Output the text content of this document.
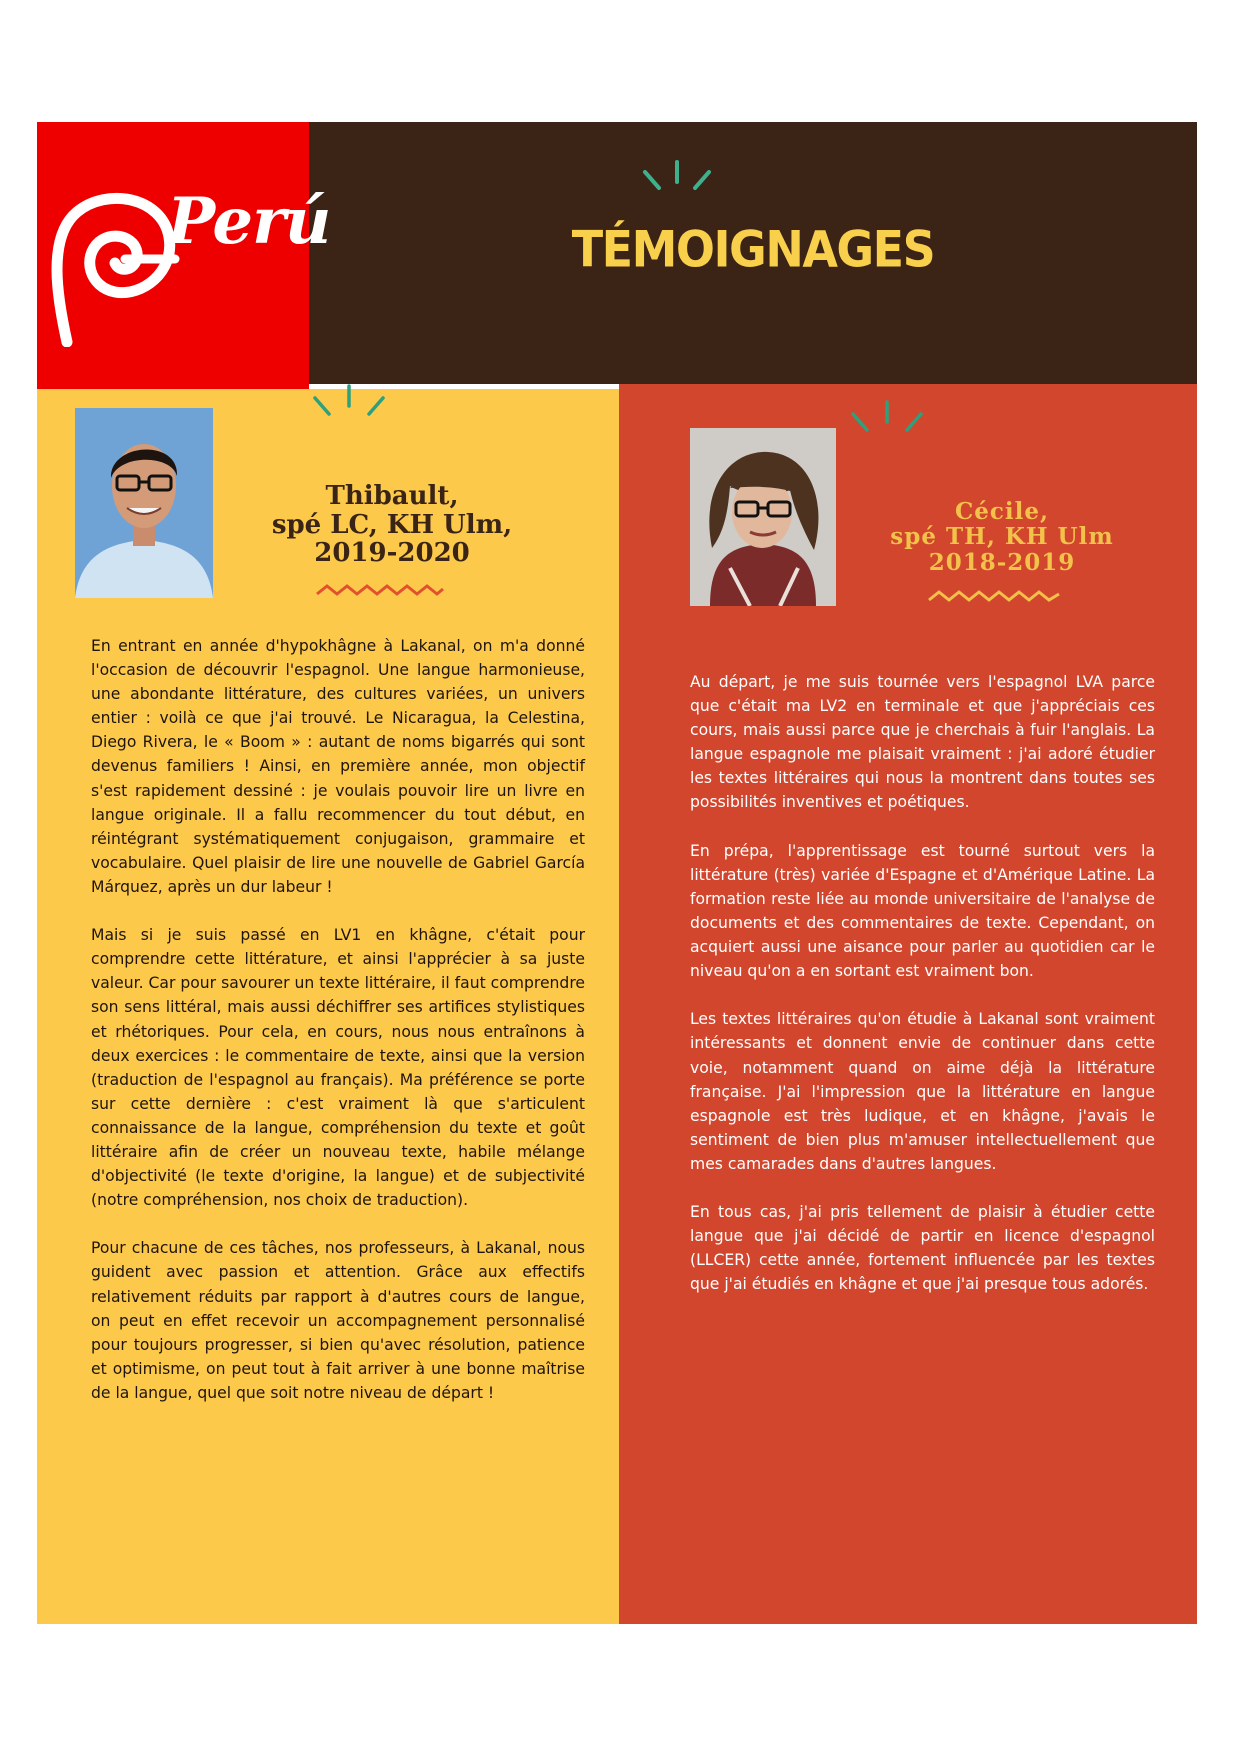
Perú	TÉMOIGNAGES
Thibault,
spé LC, KH Ulm,
2019-2020

En entrant en année d'hypokhâgne à Lakanal, on m'a donné l'occasion de découvrir l'espagnol. Une langue harmonieuse, une abondante littérature, des cultures variées, un univers entier : voilà ce que j'ai trouvé. Le Nicaragua, la Celestina, Diego Rivera, le « Boom » : autant de noms bigarrés qui sont devenus familiers ! Ainsi, en première année, mon objectif s'est rapidement dessiné : je voulais pouvoir lire un livre en langue originale. Il a fallu recommencer du tout début, en réintégrant systématiquement conjugaison, grammaire et vocabulaire. Quel plaisir de lire une nouvelle de Gabriel García Márquez, après un dur labeur !

Mais si je suis passé en LV1 en khâgne, c'était pour comprendre cette littérature, et ainsi l'apprécier à sa juste valeur. Car pour savourer un texte littéraire, il faut comprendre son sens littéral, mais aussi déchiffrer ses artifices stylistiques et rhétoriques. Pour cela, en cours, nous nous entraînons à deux exercices : le commentaire de texte, ainsi que la version (traduction de l'espagnol au français). Ma préférence se porte sur cette dernière : c'est vraiment là que s'articulent connaissance de la langue, compréhension du texte et goût littéraire afin de créer un nouveau texte, habile mélange d'objectivité (le texte d'origine, la langue) et de subjectivité (notre compréhension, nos choix de traduction).

Pour chacune de ces tâches, nos professeurs, à Lakanal, nous guident avec passion et attention. Grâce aux effectifs relativement réduits par rapport à d'autres cours de langue, on peut en effet recevoir un accompagnement personnalisé pour toujours progresser, si bien qu'avec résolution, patience et optimisme, on peut tout à fait arriver à une bonne maîtrise de la langue, quel que soit notre niveau de départ !

Cécile,
spé TH, KH Ulm
2018-2019

Au départ, je me suis tournée vers l'espagnol LVA parce que c'était ma LV2 en terminale et que j'appréciais ces cours, mais aussi parce que je cherchais à fuir l'anglais. La langue espagnole me plaisait vraiment : j'ai adoré étudier les textes littéraires qui nous la montrent dans toutes ses possibilités inventives et poétiques.

En prépa, l'apprentissage est tourné surtout vers la littérature (très) variée d'Espagne et d'Amérique Latine. La formation reste liée au monde universitaire de l'analyse de documents et des commentaires de texte. Cependant, on acquiert aussi une aisance pour parler au quotidien car le niveau qu'on a en sortant est vraiment bon.

Les textes littéraires qu'on étudie à Lakanal sont vraiment intéressants et donnent envie de continuer dans cette voie, notamment quand on aime déjà la littérature française. J'ai l'impression que la littérature en langue espagnole est très ludique, et en khâgne, j'avais le sentiment de bien plus m'amuser intellectuellement que mes camarades dans d'autres langues.

En tous cas, j'ai pris tellement de plaisir à étudier cette langue que j'ai décidé de partir en licence d'espagnol (LLCER) cette année, fortement influencée par les textes que j'ai étudiés en khâgne et que j'ai presque tous adorés.
